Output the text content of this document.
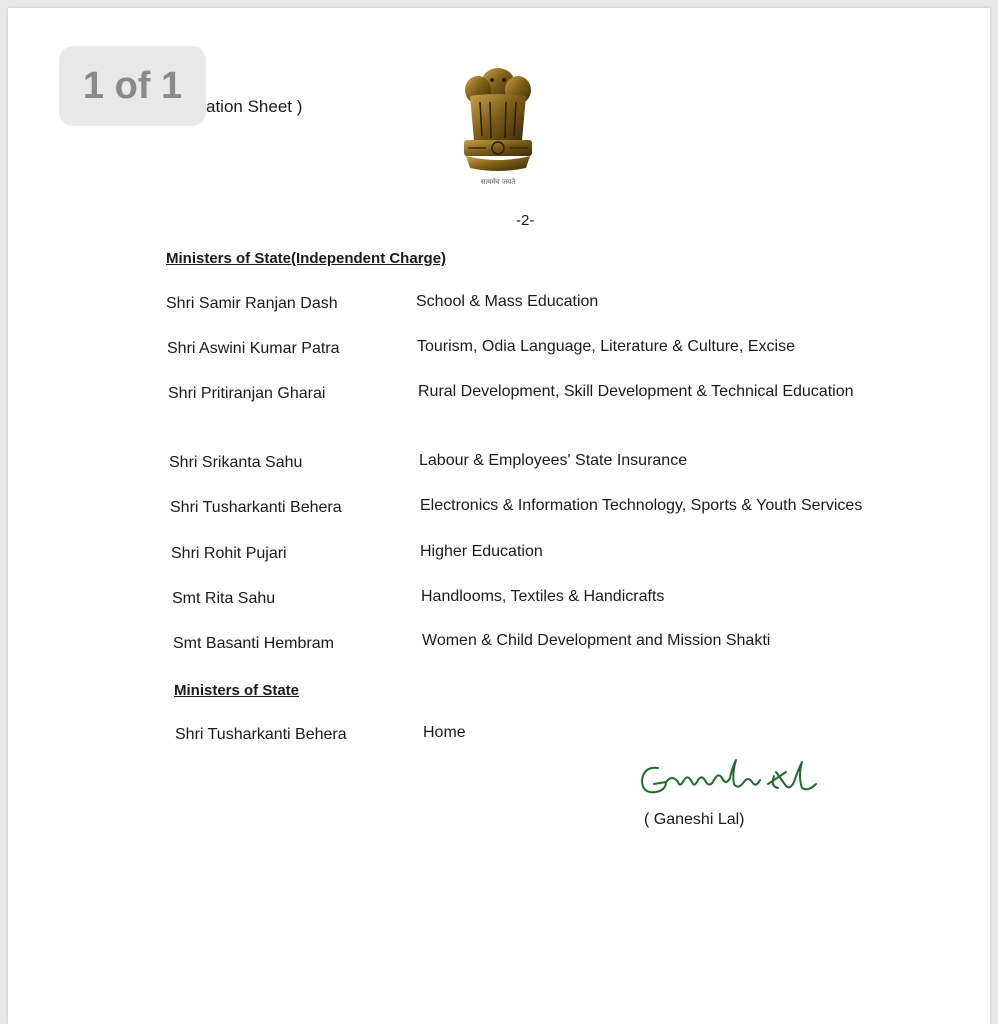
1 of 1	ation Sheet )
सत्यमेव जयते
-2-
Ministers of State(Independent Charge)
Shri Samir Ranjan Dash	School & Mass Education
Shri Aswini Kumar Patra	Tourism, Odia Language, Literature & Culture, Excise
Shri Pritiranjan Gharai	Rural Development, Skill Development & Technical Education
Shri Srikanta Sahu	Labour & Employees' State Insurance
Shri Tusharkanti Behera	Electronics & Information Technology, Sports & Youth Services
Shri Rohit Pujari	Higher Education
Smt Rita Sahu	Handlooms, Textiles & Handicrafts
Smt Basanti Hembram	Women & Child Development and Mission Shakti
Ministers of State
Shri Tusharkanti Behera	Home
( Ganeshi Lal)
